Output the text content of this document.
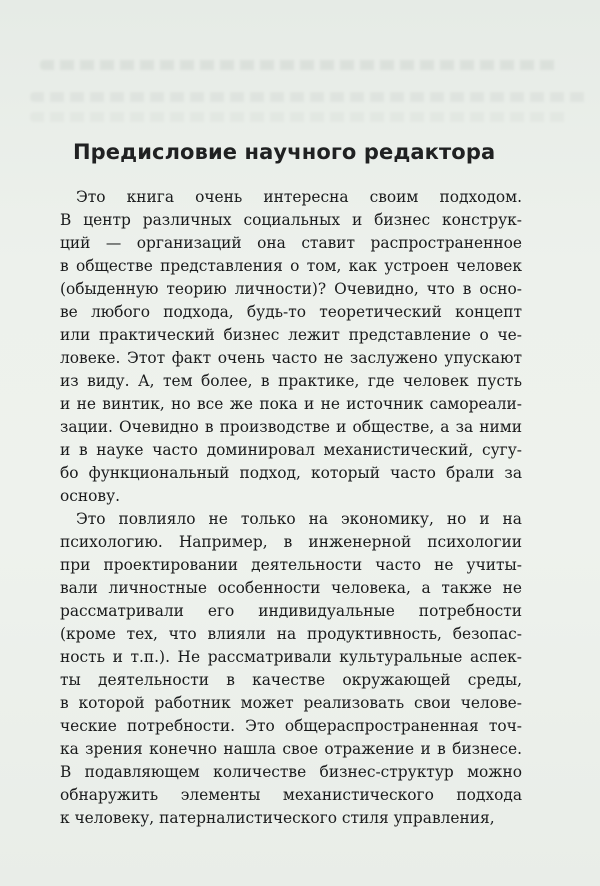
Предисловие научного редактора
Это книга очень интересна своим подходом.
В центр различных социальных и бизнес конструк-
ций — организаций она ставит распространенное
в обществе представления о том, как устроен человек
(обыденную теорию личности)? Очевидно, что в осно-
ве любого подхода, будь-то теоретический концепт
или практический бизнес лежит представление о че-
ловеке. Этот факт очень часто не заслужено упускают
из виду. А, тем более, в практике, где человек пусть
и не винтик, но все же пока и не источник самореали-
зации. Очевидно в производстве и обществе, а за ними
и в науке часто доминировал механистический, сугу-
бо функциональный подход, который часто брали за
основу.
Это повлияло не только на экономику, но и на
психологию. Например, в инженерной психологии
при проектировании деятельности часто не учиты-
вали личностные особенности человека, а также не
рассматривали его индивидуальные потребности
(кроме тех, что влияли на продуктивность, безопас-
ность и т.п.). Не рассматривали культуральные аспек-
ты деятельности в качестве окружающей среды,
в которой работник может реализовать свои челове-
ческие потребности. Это общераспространенная точ-
ка зрения конечно нашла свое отражение и в бизнесе.
В подавляющем количестве бизнес-структур можно
обнаружить элементы механистического подхода
к человеку, патерналистического стиля управления,
